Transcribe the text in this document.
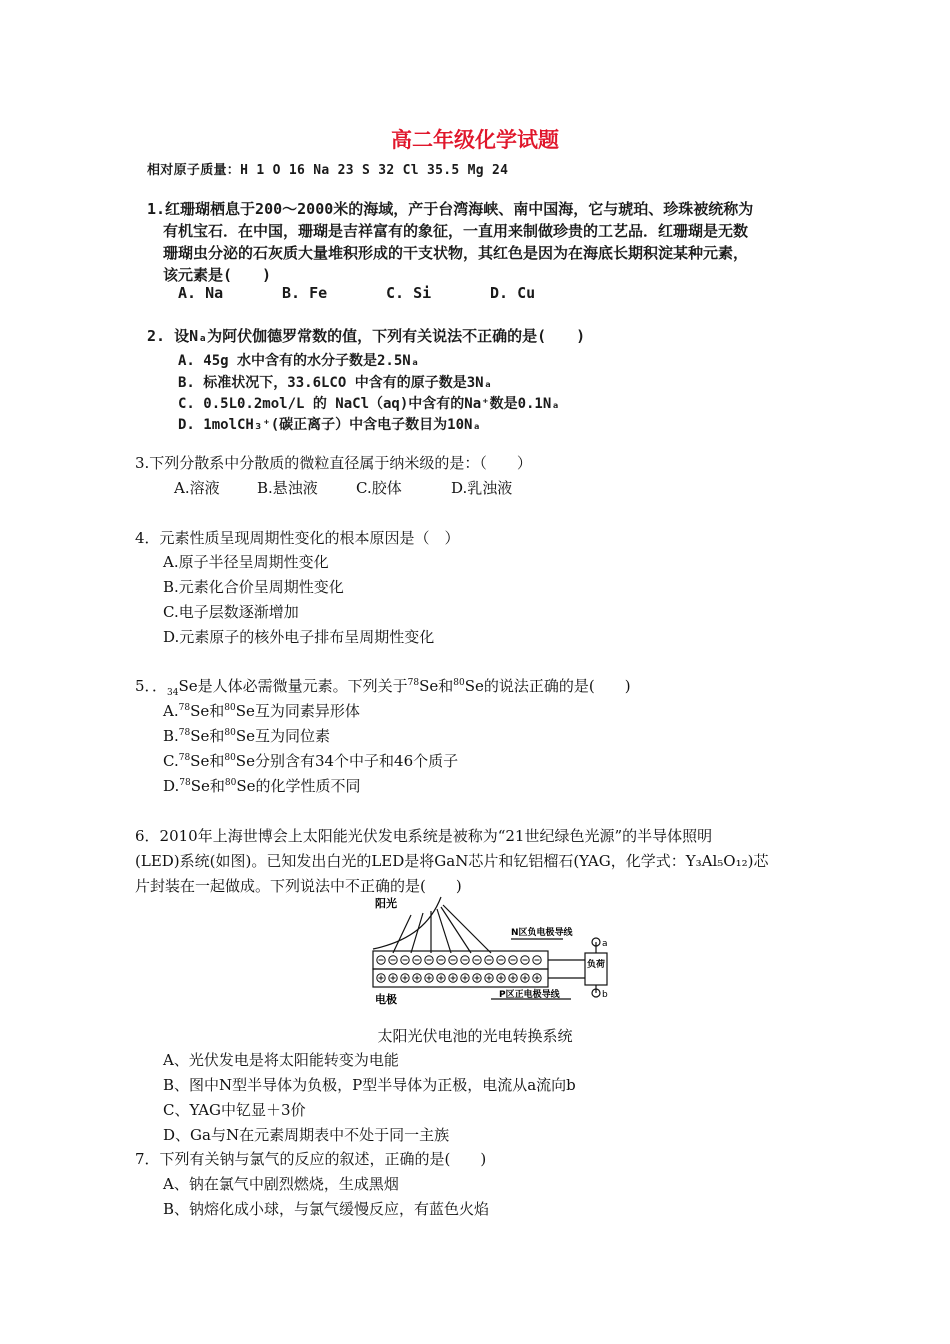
高二年级化学试题
相对原子质量：H 1 O 16 Na 23 S 32 Cl 35.5 Mg 24
1.红珊瑚栖息于200～2000米的海域，产于台湾海峡、南中国海，它与琥珀、珍珠被统称为
有机宝石．在中国，珊瑚是吉祥富有的象征，一直用来制做珍贵的工艺品．红珊瑚是无数
珊瑚虫分泌的石灰质大量堆积形成的干支状物，其红色是因为在海底长期积淀某种元素，
该元素是(　　)
A. Na	B. Fe	C. Si	D. Cu
2. 设Nₐ为阿伏伽德罗常数的值，下列有关说法不正确的是(　　)
A. 45g 水中含有的水分子数是2.5Nₐ
B. 标准状况下，33.6LCO 中含有的原子数是3Nₐ
C. 0.5L0.2mol/L 的 NaCl（aq)中含有的Na⁺数是0.1Nₐ
D. 1molCH₃⁺(碳正离子）中含电子数目为10Nₐ
3.下列分散系中分散质的微粒直径属于纳米级的是：（　　）
A.溶液 B.悬浊液	C.胶体	D.乳浊液
4．元素性质呈现周期性变化的根本原因是（　）
A.原子半径呈周期性变化
B.元素化合价呈周期性变化
C.电子层数逐渐增加
D.元素原子的核外电子排布呈周期性变化
5．．$_{34}$Se是人体必需微量元素。下列关于$^{78}$Se和$^{80}$Se的说法正确的是(　　)
A.$^{78}$Se和$^{80}$Se互为同素异形体
B.$^{78}$Se和$^{80}$Se互为同位素
C.$^{78}$Se和$^{80}$Se分别含有34个中子和46个质子
D.$^{78}$Se和$^{80}$Se的化学性质不同
6．2010年上海世博会上太阳能光伏发电系统是被称为“21世纪绿色光源”的半导体照明
(LED)系统(如图)。已知发出白光的LED是将GaN芯片和钇铝榴石(YAG，化学式：Y₃Al₅O₁₂)芯
片封装在一起做成。下列说法中不正确的是(　　)
阳光
电极
N区负电极导线
P区正电极导线
负荷
a
b
太阳光伏电池的光电转换系统
A、光伏发电是将太阳能转变为电能
B、图中N型半导体为负极，P型半导体为正极，电流从a流向b
C、YAG中钇显＋3价
D、Ga与N在元素周期表中不处于同一主族
7．下列有关钠与氯气的反应的叙述，正确的是(　　)
A、钠在氯气中剧烈燃烧，生成黑烟
B、钠熔化成小球，与氯气缓慢反应，有蓝色火焰
